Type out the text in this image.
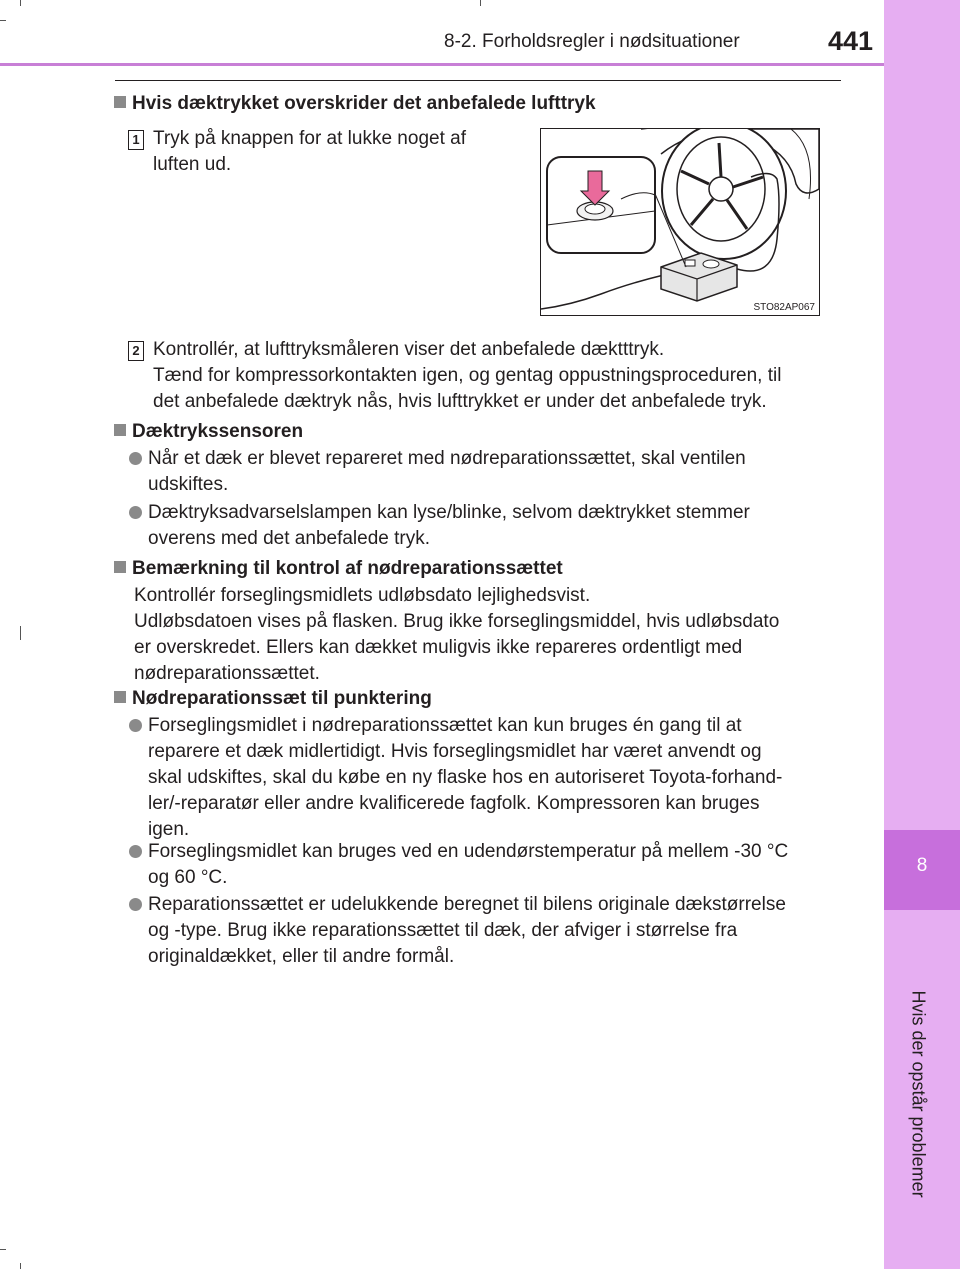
8-2. Forholdsregler i nødsituationer	441
8
Hvis dæktrykket overskrider det anbefalede lufttryk
1 Tryk på knappen for at lukke noget af
luften ud.
STO82AP067
2 Kontrollér, at lufttryksmåleren viser det anbefalede dæktttryk.
Tænd for kompressorkontakten igen, og gentag oppustningsproceduren, til
det anbefalede dæktryk nås, hvis lufttrykket er under det anbefalede tryk.
Dæktrykssensoren
Når et dæk er blevet repareret med nødreparationssættet, skal ventilen
udskiftes.
Dæktryksadvarselslampen kan lyse/blinke, selvom dæktrykket stemmer
overens med det anbefalede tryk.
Bemærkning til kontrol af nødreparationssættet
Kontrollér forseglingsmidlets udløbsdato lejlighedsvist.
Udløbsdatoen vises på flasken. Brug ikke forseglingsmiddel, hvis udløbsdato
er overskredet. Ellers kan dækket muligvis ikke repareres ordentligt med
nødreparationssættet.
Nødreparationssæt til punktering
Forseglingsmidlet i nødreparationssættet kan kun bruges én gang til at
reparere et dæk midlertidigt. Hvis forseglingsmidlet har været anvendt og
skal udskiftes, skal du købe en ny flaske hos en autoriseret Toyota-forhand-
ler/-reparatør eller andre kvalificerede fagfolk. Kompressoren kan bruges
igen.
Forseglingsmidlet kan bruges ved en udendørstemperatur på mellem -30 °C
og 60 °C.
Reparationssættet er udelukkende beregnet til bilens originale dækstørrelse
og -type. Brug ikke reparationssættet til dæk, der afviger i størrelse fra
originaldækket, eller til andre formål.
